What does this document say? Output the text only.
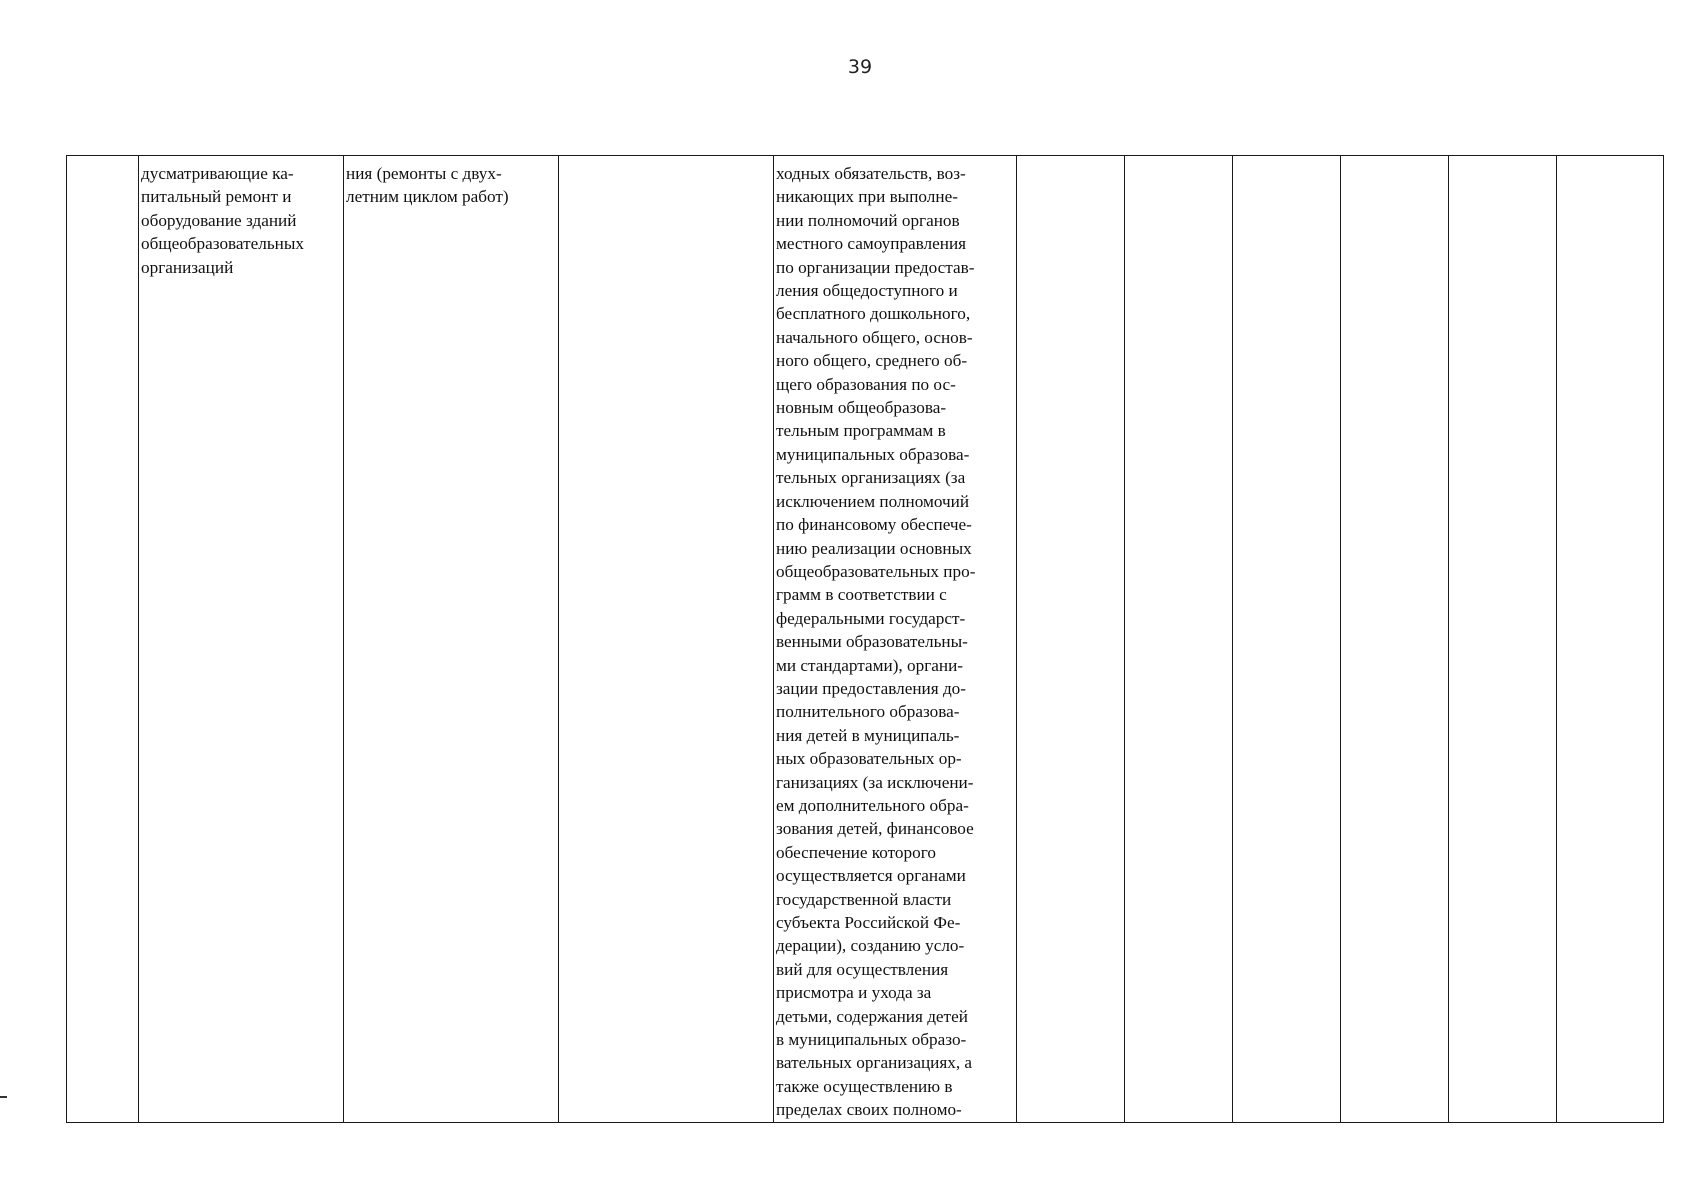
39
	дусматривающие ка-
питальный ремонт и
оборудование зданий
общеобразовательных
организаций	ния (ремонты с двух-
летним циклом работ)		ходных обязательств, воз-
никающих при выполне-
нии полномочий органов
местного самоуправления
по организации предостав-
ления общедоступного и
бесплатного дошкольного,
начального общего, основ-
ного общего, среднего об-
щего образования по ос-
новным общеобразова-
тельным программам в
муниципальных образова-
тельных организациях (за
исключением полномочий
по финансовому обеспече-
нию реализации основных
общеобразовательных про-
грамм в соответствии с
федеральными государст-
венными образовательны-
ми стандартами), органи-
зации предоставления до-
полнительного образова-
ния детей в муниципаль-
ных образовательных ор-
ганизациях (за исключени-
ем дополнительного обра-
зования детей, финансовое
обеспечение которого
осуществляется органами
государственной власти
субъекта Российской Фе-
дерации), созданию усло-
вий для осуществления
присмотра и ухода за
детьми, содержания детей
в муниципальных образо-
вательных организациях, а
также осуществлению в
пределах своих полномо-						
